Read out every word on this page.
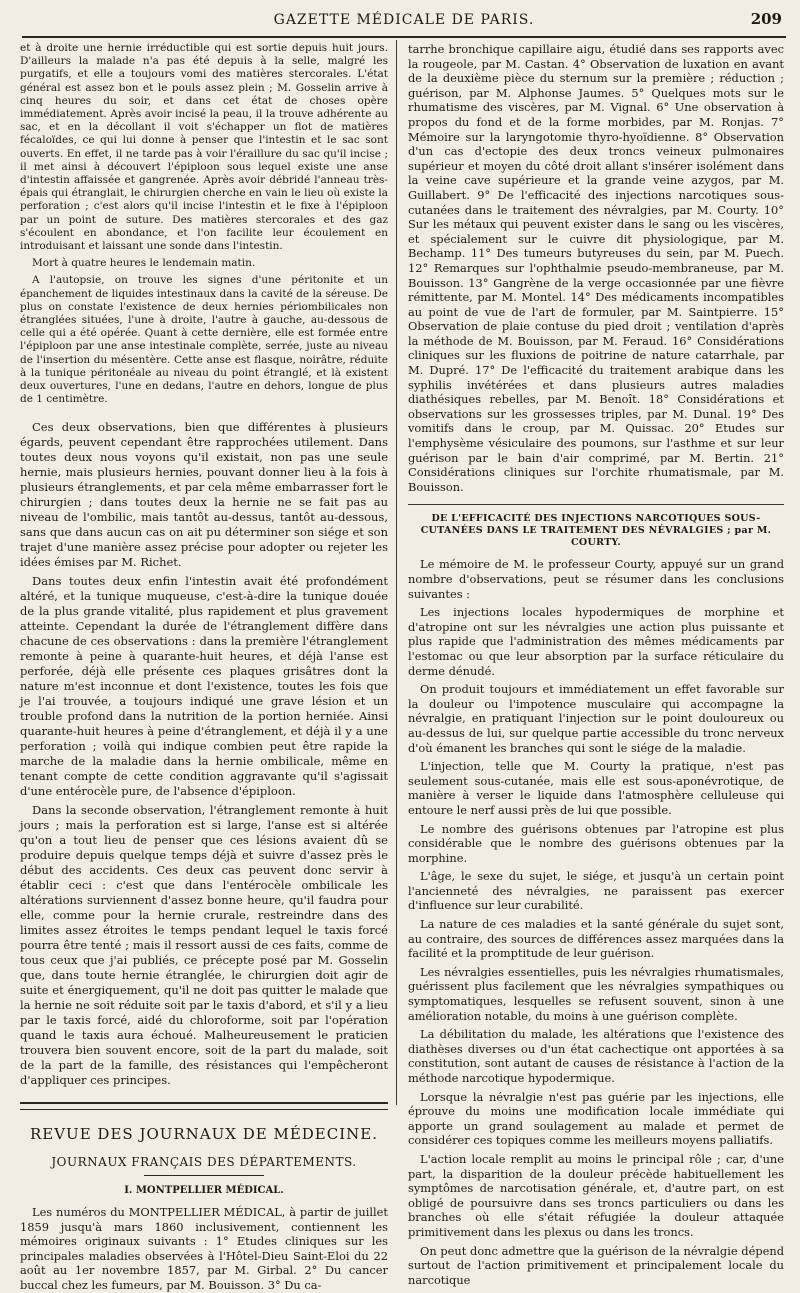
GAZETTE MÉDICALE DE PARIS.	209

et à droite une hernie irréductible qui est sortie depuis huit jours. D'ailleurs la malade n'a pas été depuis à la selle, malgré les purgatifs, et elle a toujours vomi des matières stercorales. L'état général est assez bon et le pouls assez plein ; M. Gosselin arrive à cinq heures du soir, et dans cet état de choses opère immédiatement. Après avoir incisé la peau, il la trouve adhérente au sac, et en la décollant il voit s'échapper un flot de matières fécaloïdes, ce qui lui donne à penser que l'intestin et le sac sont ouverts. En effet, il ne tarde pas à voir l'éraillure du sac qu'il incise ; il met ainsi à découvert l'épiploon sous lequel existe une anse d'intestin affaissée et gangrenée. Après avoir débridé l'anneau très-épais qui étranglait, le chirurgien cherche en vain le lieu où existe la perforation ; c'est alors qu'il incise l'intestin et le fixe à l'épiploon par un point de suture. Des matières stercorales et des gaz s'écoulent en abondance, et l'on facilite leur écoulement en introduisant et laissant une sonde dans l'intestin.

Mort à quatre heures le lendemain matin.

A l'autopsie, on trouve les signes d'une péritonite et un épanchement de liquides intestinaux dans la cavité de la séreuse. De plus on constate l'existence de deux hernies périombilicales non étranglées situées, l'une à droite, l'autre à gauche, au-dessous de celle qui a été opérée. Quant à cette dernière, elle est formée entre l'épiploon par une anse intestinale complète, serrée, juste au niveau de l'insertion du mésentère. Cette anse est flasque, noirâtre, réduite à la tunique péritonéale au niveau du point étranglé, et là existent deux ouvertures, l'une en dedans, l'autre en dehors, longue de plus de 1 centimètre.

Ces deux observations, bien que différentes à plusieurs égards, peuvent cependant être rapprochées utilement. Dans toutes deux nous voyons qu'il existait, non pas une seule hernie, mais plusieurs hernies, pouvant donner lieu à la fois à plusieurs étranglements, et par cela même embarrasser fort le chirurgien ; dans toutes deux la hernie ne se fait pas au niveau de l'ombilic, mais tantôt au-dessus, tantôt au-dessous, sans que dans aucun cas on ait pu déterminer son siége et son trajet d'une manière assez précise pour adopter ou rejeter les idées émises par M. Richet.

Dans toutes deux enfin l'intestin avait été profondément altéré, et la tunique muqueuse, c'est-à-dire la tunique douée de la plus grande vitalité, plus rapidement et plus gravement atteinte. Cependant la durée de l'étranglement diffère dans chacune de ces observations : dans la première l'étranglement remonte à peine à quarante-huit heures, et déjà l'anse est perforée, déjà elle présente ces plaques grisâtres dont la nature m'est inconnue et dont l'existence, toutes les fois que je l'ai trouvée, a toujours indiqué une grave lésion et un trouble profond dans la nutrition de la portion herniée. Ainsi quarante-huit heures à peine d'étranglement, et déjà il y a une perforation ; voilà qui indique combien peut être rapide la marche de la maladie dans la hernie ombilicale, même en tenant compte de cette condition aggravante qu'il s'agissait d'une entérocèle pure, de l'absence d'épiploon.

Dans la seconde observation, l'étranglement remonte à huit jours ; mais la perforation est si large, l'anse est si altérée qu'on a tout lieu de penser que ces lésions avaient dû se produire depuis quelque temps déjà et suivre d'assez près le début des accidents. Ces deux cas peuvent donc servir à établir ceci : c'est que dans l'entérocèle ombilicale les altérations surviennent d'assez bonne heure, qu'il faudra pour elle, comme pour la hernie crurale, restreindre dans des limites assez étroites le temps pendant lequel le taxis forcé pourra être tenté ; mais il ressort aussi de ces faits, comme de tous ceux que j'ai publiés, ce précepte posé par M. Gosselin que, dans toute hernie étranglée, le chirurgien doit agir de suite et énergiquement, qu'il ne doit pas quitter le malade que la hernie ne soit réduite soit par le taxis d'abord, et s'il y a lieu par le taxis forcé, aidé du chloroforme, soit par l'opération quand le taxis aura échoué. Malheureusement le praticien trouvera bien souvent encore, soit de la part du malade, soit de la part de la famille, des résistances qui l'empêcheront d'appliquer ces principes.

REVUE DES JOURNAUX DE MÉDECINE.
JOURNAUX FRANÇAIS DES DÉPARTEMENTS.
I. MONTPELLIER MÉDICAL.

Les numéros du MONTPELLIER MÉDICAL, à partir de juillet 1859 jusqu'à mars 1860 inclusivement, contiennent les mémoires originaux suivants : 1° Etudes cliniques sur les principales maladies observées à l'Hôtel-Dieu Saint-Eloi du 22 août au 1er novembre 1857, par M. Girbal. 2° Du cancer buccal chez les fumeurs, par M. Bouisson. 3° Du ca-

tarrhe bronchique capillaire aigu, étudié dans ses rapports avec la rougeole, par M. Castan. 4° Observation de luxation en avant de la deuxième pièce du sternum sur la première ; réduction ; guérison, par M. Alphonse Jaumes. 5° Quelques mots sur le rhumatisme des viscères, par M. Vignal. 6° Une observation à propos du fond et de la forme morbides, par M. Ronjas. 7° Mémoire sur la laryngotomie thyro-hyoïdienne. 8° Observation d'un cas d'ectopie des deux troncs veineux pulmonaires supérieur et moyen du côté droit allant s'insérer isolément dans la veine cave supérieure et la grande veine azygos, par M. Guillabert. 9° De l'efficacité des injections narcotiques sous-cutanées dans le traitement des névralgies, par M. Courty. 10° Sur les métaux qui peuvent exister dans le sang ou les viscères, et spécialement sur le cuivre dit physiologique, par M. Bechamp. 11° Des tumeurs butyreuses du sein, par M. Puech. 12° Remarques sur l'ophthalmie pseudo-membraneuse, par M. Bouisson. 13° Gangrène de la verge occasionnée par une fièvre rémittente, par M. Montel. 14° Des médicaments incompatibles au point de vue de l'art de formuler, par M. Saintpierre. 15° Observation de plaie contuse du pied droit ; ventilation d'après la méthode de M. Bouisson, par M. Feraud. 16° Considérations cliniques sur les fluxions de poitrine de nature catarrhale, par M. Dupré. 17° De l'efficacité du traitement arabique dans les syphilis invétérées et dans plusieurs autres maladies diathésiques rebelles, par M. Benoît. 18° Considérations et observations sur les grossesses triples, par M. Dunal. 19° Des vomitifs dans le croup, par M. Quissac. 20° Etudes sur l'emphysème vésiculaire des poumons, sur l'asthme et sur leur guérison par le bain d'air comprimé, par M. Bertin. 21° Considérations cliniques sur l'orchite rhumatismale, par M. Bouisson.

DE L'EFFICACITÉ DES INJECTIONS NARCOTIQUES SOUS-CUTANÉES DANS LE TRAITEMENT DES NÉVRALGIES ; par M. COURTY.

Le mémoire de M. le professeur Courty, appuyé sur un grand nombre d'observations, peut se résumer dans les conclusions suivantes :

Les injections locales hypodermiques de morphine et d'atropine ont sur les névralgies une action plus puissante et plus rapide que l'administration des mêmes médicaments par l'estomac ou que leur absorption par la surface réticulaire du derme dénudé.

On produit toujours et immédiatement un effet favorable sur la douleur ou l'impotence musculaire qui accompagne la névralgie, en pratiquant l'injection sur le point douloureux ou au-dessus de lui, sur quelque partie accessible du tronc nerveux d'où émanent les branches qui sont le siége de la maladie.

L'injection, telle que M. Courty la pratique, n'est pas seulement sous-cutanée, mais elle est sous-aponévrotique, de manière à verser le liquide dans l'atmosphère celluleuse qui entoure le nerf aussi près de lui que possible.

Le nombre des guérisons obtenues par l'atropine est plus considérable que le nombre des guérisons obtenues par la morphine.

L'âge, le sexe du sujet, le siége, et jusqu'à un certain point l'ancienneté des névralgies, ne paraissent pas exercer d'influence sur leur curabilité.

La nature de ces maladies et la santé générale du sujet sont, au contraire, des sources de différences assez marquées dans la facilité et la promptitude de leur guérison.

Les névralgies essentielles, puis les névralgies rhumatismales, guérissent plus facilement que les névralgies sympathiques ou symptomatiques, lesquelles se refusent souvent, sinon à une amélioration notable, du moins à une guérison complète.

La débilitation du malade, les altérations que l'existence des diathèses diverses ou d'un état cachectique ont apportées à sa constitution, sont autant de causes de résistance à l'action de la méthode narcotique hypodermique.

Lorsque la névralgie n'est pas guérie par les injections, elle éprouve du moins une modification locale immédiate qui apporte un grand soulagement au malade et permet de considérer ces topiques comme les meilleurs moyens palliatifs.

L'action locale remplit au moins le principal rôle ; car, d'une part, la disparition de la douleur précède habituellement les symptômes de narcotisation générale, et, d'autre part, on est obligé de poursuivre dans ses troncs particuliers ou dans les branches où elle s'était réfugiée la douleur attaquée primitivement dans les plexus ou dans les troncs.

On peut donc admettre que la guérison de la névralgie dépend surtout de l'action primitivement et principalement locale du narcotique
